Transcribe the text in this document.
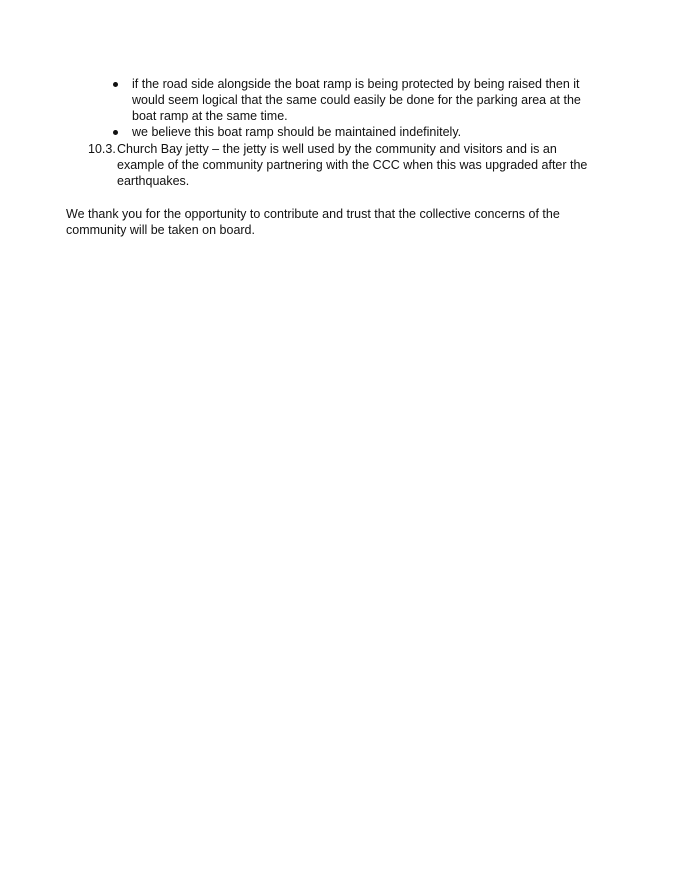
if the road side alongside the boat ramp is being protected by being raised then it would seem logical that the same could easily be done for the parking area at the boat ramp at the same time.
we believe this boat ramp should be maintained indefinitely.
10.3. Church Bay jetty – the jetty is well used by the community and visitors and is an example of the community partnering with the CCC when this was upgraded after the earthquakes.

We thank you for the opportunity to contribute and trust that the collective concerns of the community will be taken on board.
